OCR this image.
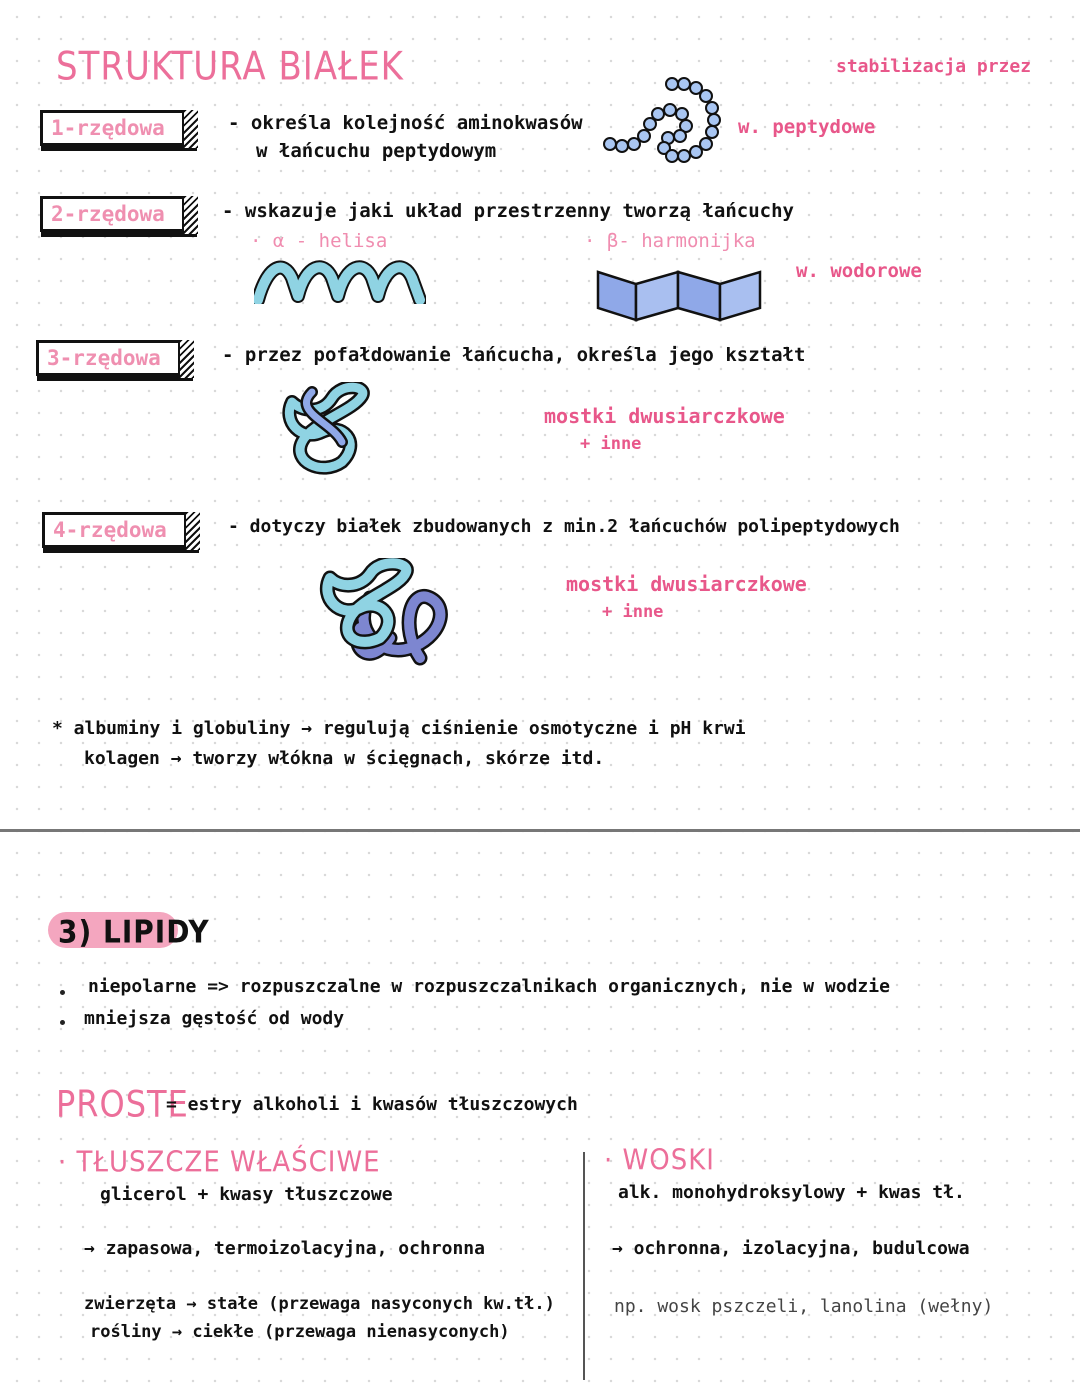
STRUKTURA BIAŁEK	stabilizacja przez
1-rzędowa	- określa kolejność aminokwasów
w łańcuchu peptydowym
w. peptydowe
2-rzędowa	- wskazuje jaki układ przestrzenny tworzą łańcuchy
· α - helisa	· β- harmonijka
w. wodorowe
3-rzędowa	- przez pofałdowanie łańcucha, określa jego kształt
mostki dwusiarczkowe
+ inne
4-rzędowa	- dotyczy białek zbudowanych z min.2 łańcuchów polipeptydowych
mostki dwusiarczkowe
+ inne
* albuminy i globuliny → regulują ciśnienie osmotyczne i pH krwi
kolagen → tworzy włókna w ścięgnach, skórze itd.
3) LIPIDY
niepolarne => rozpuszczalne w rozpuszczalnikach organicznych, nie w wodzie
mniejsza gęstość od wody
PROSTE
= estry alkoholi i kwasów tłuszczowych
· TŁUSZCZE WŁAŚCIWE
glicerol + kwasy tłuszczowe
→ zapasowa, termoizolacyjna, ochronna
zwierzęta → stałe (przewaga nasyconych kw.tł.)
rośliny → ciekłe (przewaga nienasyconych)
· WOSKI
alk. monohydroksylowy + kwas tł.
→ ochronna, izolacyjna, budulcowa
np. wosk pszczeli, lanolina (wełny)
